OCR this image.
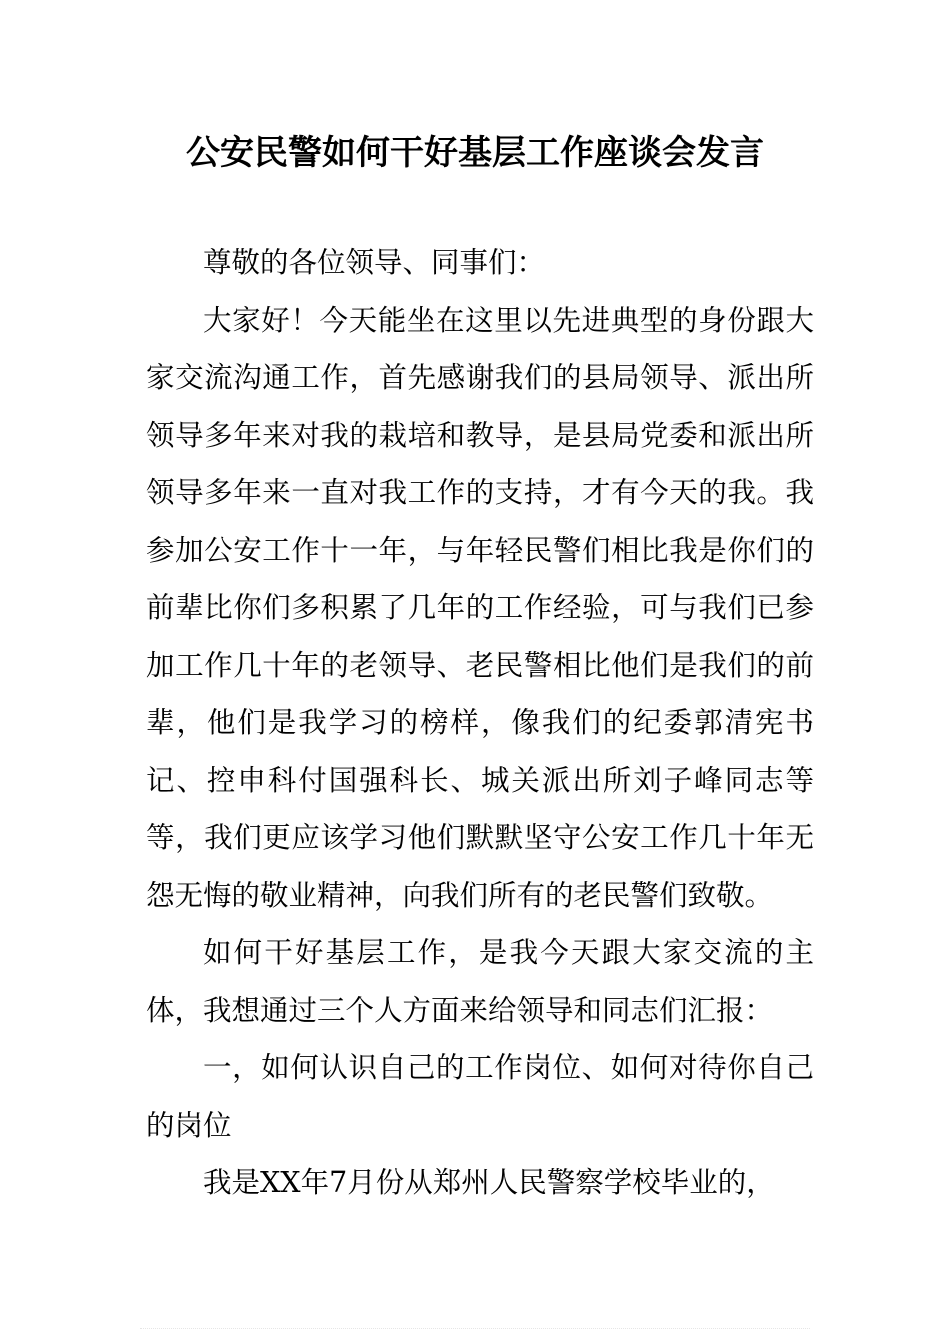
公安民警如何干好基层工作座谈会发言

尊敬的各位领导、同事们：

大家好！今天能坐在这里以先进典型的身份跟大家交流沟通工作，首先感谢我们的县局领导、派出所领导多年来对我的栽培和教导，是县局党委和派出所领导多年来一直对我工作的支持，才有今天的我。我参加公安工作十一年，与年轻民警们相比我是你们的前辈比你们多积累了几年的工作经验，可与我们已参加工作几十年的老领导、老民警相比他们是我们的前辈，他们是我学习的榜样，像我们的纪委郭清宪书记、控申科付国强科长、城关派出所刘子峰同志等等，我们更应该学习他们默默坚守公安工作几十年无怨无悔的敬业精神，向我们所有的老民警们致敬。

如何干好基层工作，是我今天跟大家交流的主体，我想通过三个人方面来给领导和同志们汇报：

一，如何认识自己的工作岗位、如何对待你自己的岗位

我是XX年7月份从郑州人民警察学校毕业的，
